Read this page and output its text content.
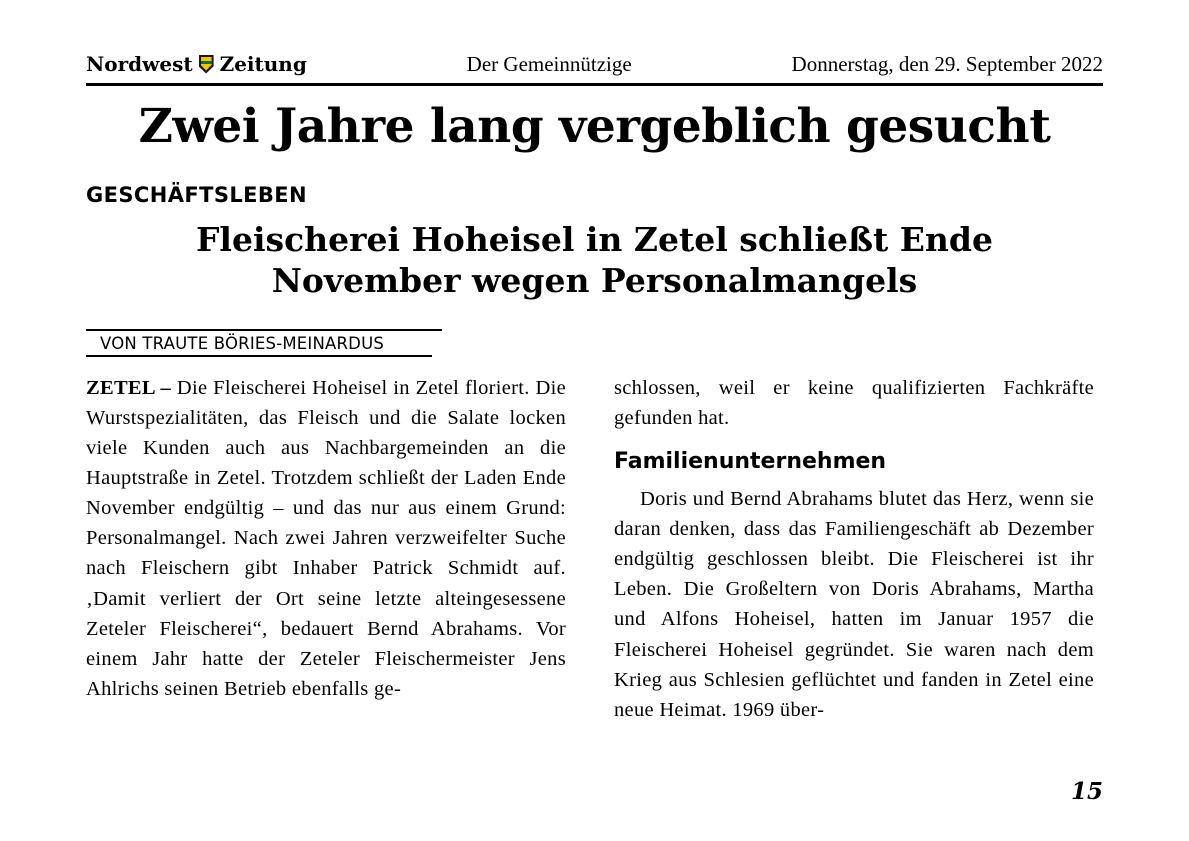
Nordwest Zeitung	Der Gemeinnützige	Donnerstag, den 29. September 2022
Zwei Jahre lang vergeblich gesucht
GESCHÄFTSLEBEN
Fleischerei Hoheisel in Zetel schließt Ende November wegen Personalmangels
VON TRAUTE BÖRIES-MEINARDUS

ZETEL – Die Fleischerei Hoheisel in Zetel floriert. Die Wurstspezialitäten, das Fleisch und die Salate locken viele Kunden auch aus Nachbargemeinden an die Hauptstraße in Zetel. Trotzdem schließt der Laden Ende November endgültig – und das nur aus einem Grund: Personalmangel. Nach zwei Jahren verzweifelter Suche nach Fleischern gibt Inhaber Patrick Schmidt auf. ‚Damit verliert der Ort seine letzte alteingesessene Zeteler Fleischerei“, bedauert Bernd Abrahams. Vor einem Jahr hatte der Zeteler Fleischermeister Jens Ahlrichs seinen Betrieb ebenfalls ge-

schlossen, weil er keine qualifizierten Fachkräfte gefunden hat.

Familienunternehmen

Doris und Bernd Abrahams blutet das Herz, wenn sie daran denken, dass das Familiengeschäft ab Dezember endgültig geschlossen bleibt. Die Fleischerei ist ihr Leben. Die Großeltern von Doris Abrahams, Martha und Alfons Hoheisel, hatten im Januar 1957 die Fleischerei Hoheisel gegründet. Sie waren nach dem Krieg aus Schlesien geflüchtet und fanden in Zetel eine neue Heimat. 1969 über-

15
